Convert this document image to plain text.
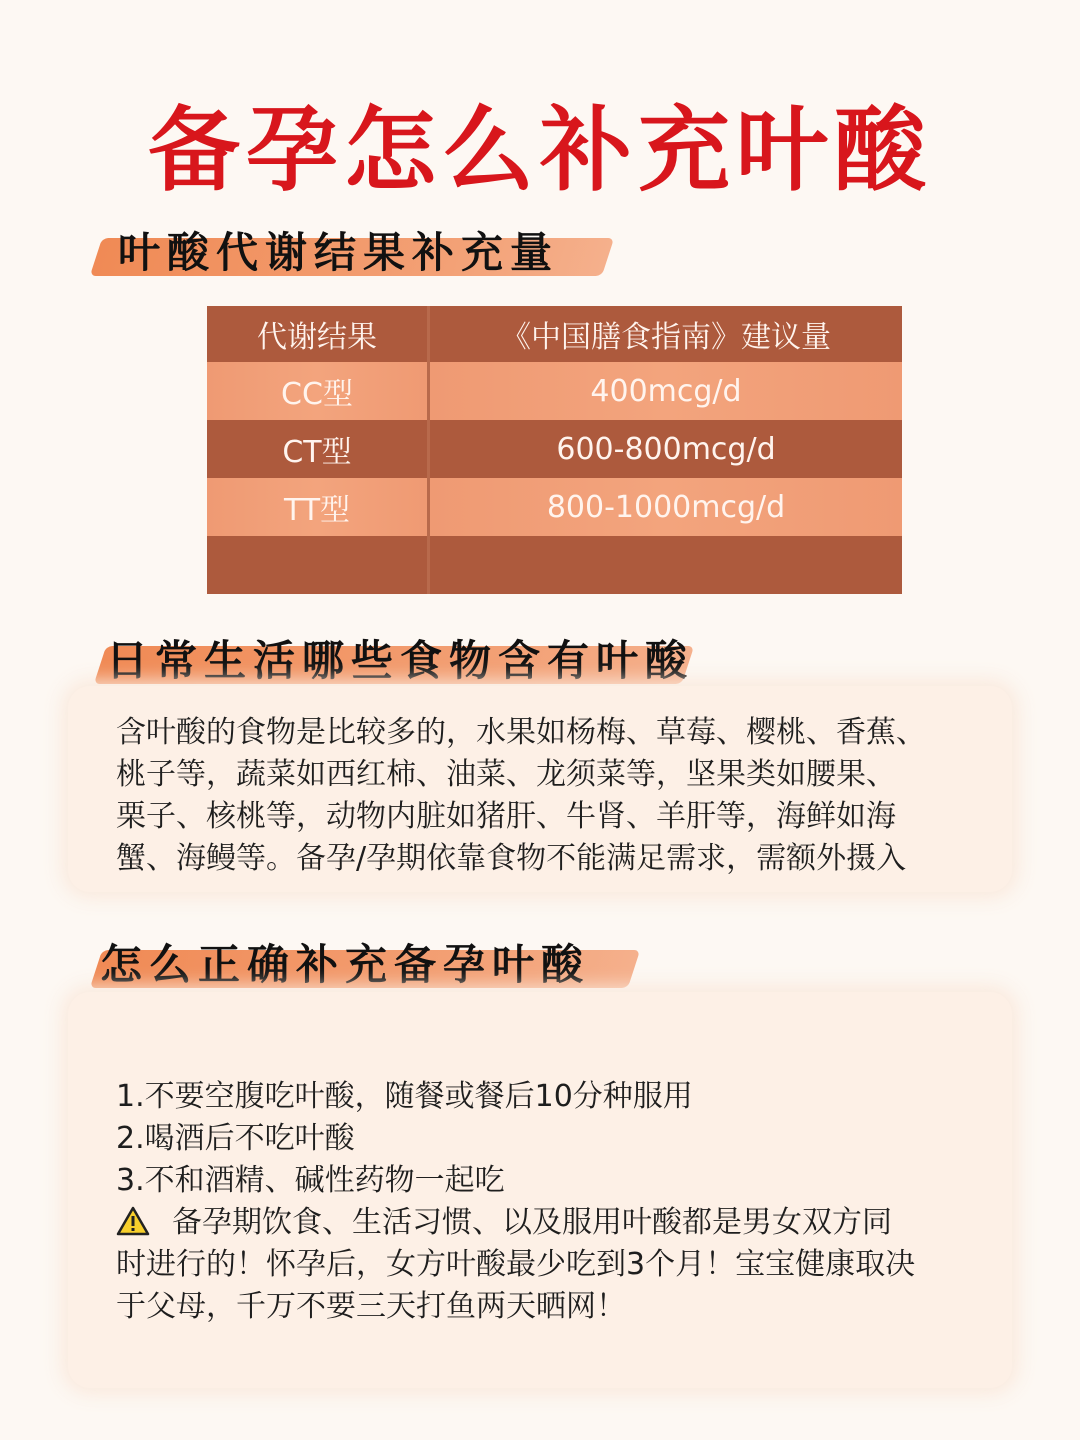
备孕怎么补充叶酸
叶酸代谢结果补充量
代谢结果	《中国膳食指南》建议量
CC型	400mcg/d
CT型	600-800mcg/d
TT型	800-1000mcg/d

日常生活哪些食物含有叶酸

含叶酸的食物是比较多的，水果如杨梅、草莓、樱桃、香蕉、
桃子等，蔬菜如西红柿、油菜、龙须菜等，坚果类如腰果、
栗子、核桃等，动物内脏如猪肝、牛肾、羊肝等，海鲜如海
蟹、海鳗等。备孕/孕期依靠食物不能满足需求，需额外摄入

怎么正确补充备孕叶酸
1.不要空腹吃叶酸，随餐或餐后10分种服用
2.喝酒后不吃叶酸
3.不和酒精、碱性药物一起吃
备孕期饮食、生活习惯、以及服用叶酸都是男女双方同
时进行的！怀孕后，女方叶酸最少吃到3个月！宝宝健康取决
于父母，千万不要三天打鱼两天晒网！
